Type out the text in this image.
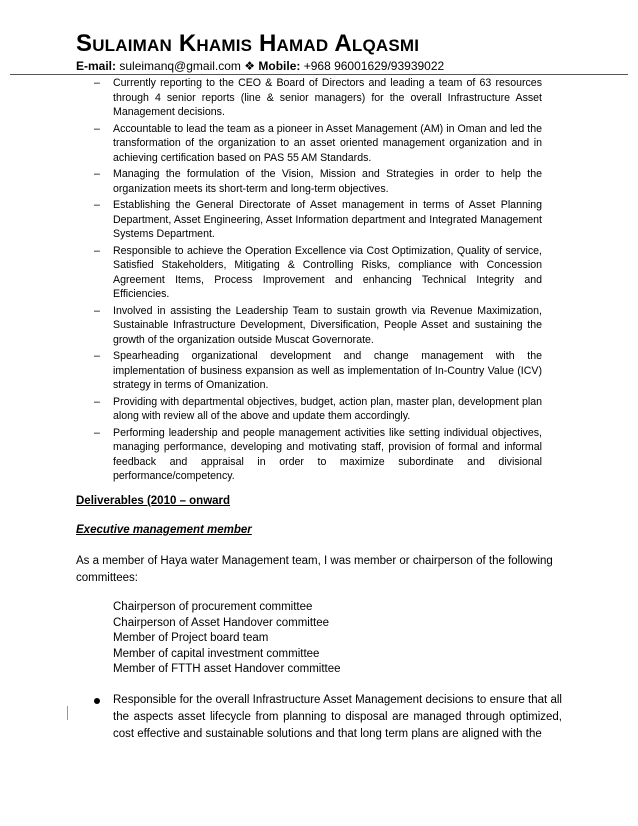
Sulaiman Khamis Hamad Alqasmi
E-mail: suleimanq@gmail.com ❖ Mobile: +968 96001629/93939022
– Currently reporting to the CEO & Board of Directors and leading a team of 63 resources through 4 senior reports (line & senior managers) for the overall Infrastructure Asset Management decisions.
– Accountable to lead the team as a pioneer in Asset Management (AM) in Oman and led the transformation of the organization to an asset oriented management organization and in achieving certification based on PAS 55 AM Standards.
– Managing the formulation of the Vision, Mission and Strategies in order to help the organization meets its short-term and long-term objectives.
– Establishing the General Directorate of Asset management in terms of Asset Planning Department, Asset Engineering, Asset Information department and Integrated Management Systems Department.
– Responsible to achieve the Operation Excellence via Cost Optimization, Quality of service, Satisfied Stakeholders, Mitigating & Controlling Risks, compliance with Concession Agreement Items, Process Improvement and enhancing Technical Integrity and Efficiencies.
– Involved in assisting the Leadership Team to sustain growth via Revenue Maximization, Sustainable Infrastructure Development, Diversification, People Asset and sustaining the growth of the organization outside Muscat Governorate.
– Spearheading organizational development and change management with the implementation of business expansion as well as implementation of In-Country Value (ICV) strategy in terms of Omanization.
– Providing with departmental objectives, budget, action plan, master plan, development plan along with review all of the above and update them accordingly.
– Performing leadership and people management activities like setting individual objectives, managing performance, developing and motivating staff, provision of formal and informal feedback and appraisal in order to maximize subordinate and divisional performance/competency.
Deliverables (2010 – onward
Executive management member

As a member of Haya water Management team, I was member or chairperson of the following committees:

Chairperson of procurement committee
Chairperson of Asset Handover committee
Member of Project board team
Member of capital investment committee
Member of FTTH asset Handover committee
Responsible for the overall Infrastructure Asset Management decisions to ensure that all the aspects asset lifecycle from planning to disposal are managed through optimized, cost effective and sustainable solutions and that long term plans are aligned with the
